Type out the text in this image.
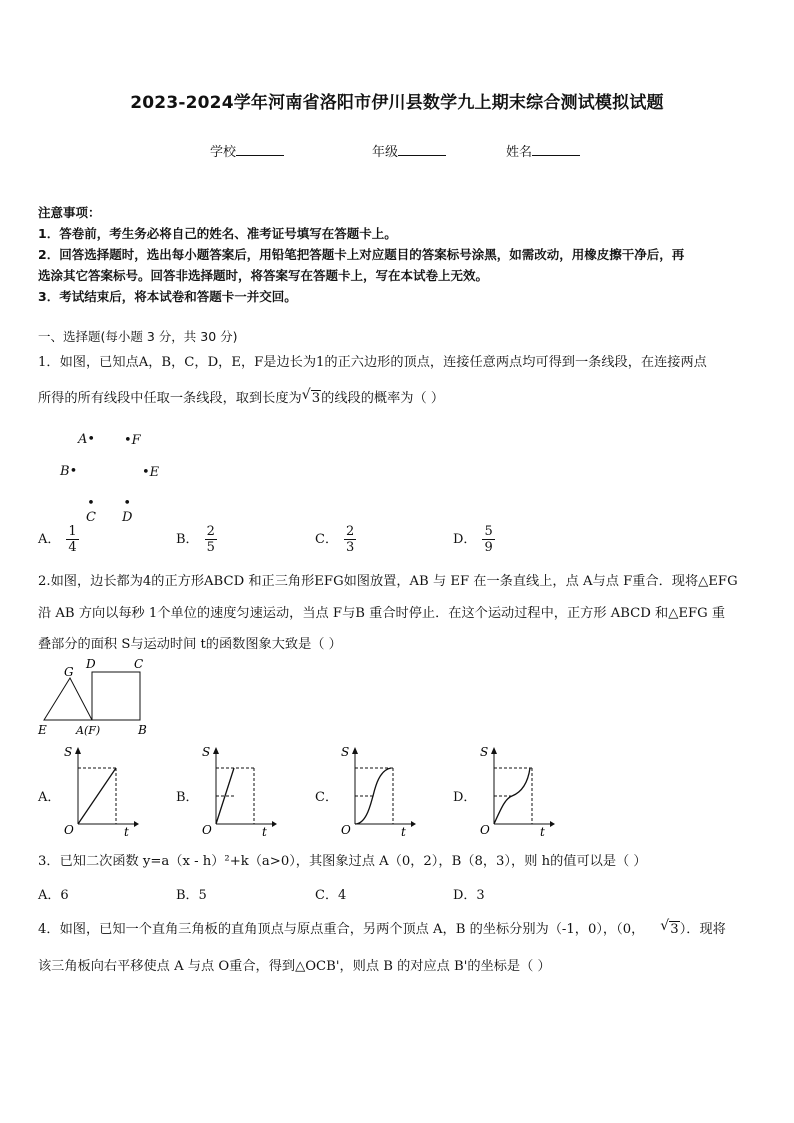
2023-2024学年河南省洛阳市伊川县数学九上期末综合测试模拟试题
学校	年级	姓名
注意事项：
1．答卷前，考生务必将自己的姓名、准考证号填写在答题卡上。
2．回答选择题时，选出每小题答案后，用铅笔把答题卡上对应题目的答案标号涂黑，如需改动，用橡皮擦干净后，再
选涂其它答案标号。回答非选择题时，将答案写在答题卡上，写在本试卷上无效。
3．考试结束后，将本试卷和答题卡一并交回。
一、选择题(每小题 3 分，共 30 分)
1．如图，已知点A，B，C，D，E，F是边长为1的正六边形的顶点，连接任意两点均可得到一条线段，在连接两点
所得的所有线段中任取一条线段，取到长度为 √ 3的线段的概率为（ ）
A• •F
B•	•E
•
C
•
D
A． $\frac{1}{4}$	B． $\frac{2}{5}$	C． $\frac{2}{3}$	D． $\frac{5}{9}$
2.如图，边长都为4的正方形ABCD 和正三角形EFG如图放置，AB 与 EF 在一条直线上，点 A与点 F重合．现将△EFG
沿 AB 方向以每秒 1个单位的速度匀速运动，当点 F与B 重合时停止．在这个运动过程中，正方形 ABCD 和△EFG 重
叠部分的面积 S与运动时间 t的函数图象大致是（ ）
G
D	C
E	A(F)	B
A．	B．	C．	D．
S
O	t
S
O	t
S
O	t
S
O	t
3．已知二次函数 y=a（x - h）²+k（a>0），其图象过点 A（0，2），B（8，3），则 h的值可以是（ ）
A．6	B．5	C．4	D．3
4．如图，已知一个直角三角板的直角顶点与原点重合，另两个顶点 A，B 的坐标分别为（-1，0），（0， √ 3）．现将
该三角板向右平移使点 A 与点 O重合，得到△OCB'，则点 B 的对应点 B'的坐标是（ ）
